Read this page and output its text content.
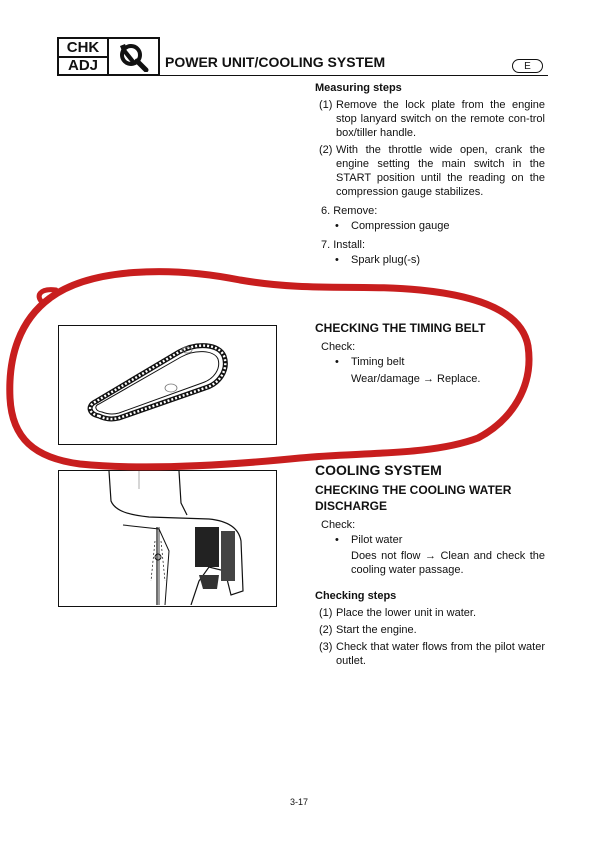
CHK
ADJ	POWER UNIT/COOLING SYSTEM	E
Measuring steps
(1) Remove the lock plate from the engine stop lanyard switch on the remote con-trol box/tiller handle.
(2) With the throttle wide open, crank the engine setting the main switch in the START position until the reading on the compression gauge stabilizes.
6. Remove:
•	Compression gauge
7. Install:
•	Spark plug(-s)
CHECKING THE TIMING BELT
Check:
•	Timing belt
Wear/damage → Replace.
COOLING SYSTEM
CHECKING THE COOLING WATER DISCHARGE
Check:
•	Pilot water
Does not flow → Clean and check the cooling water passage.
Checking steps
(1) Place the lower unit in water.
(2) Start the engine.
(3) Check that water flows from the pilot water outlet.
3-17
